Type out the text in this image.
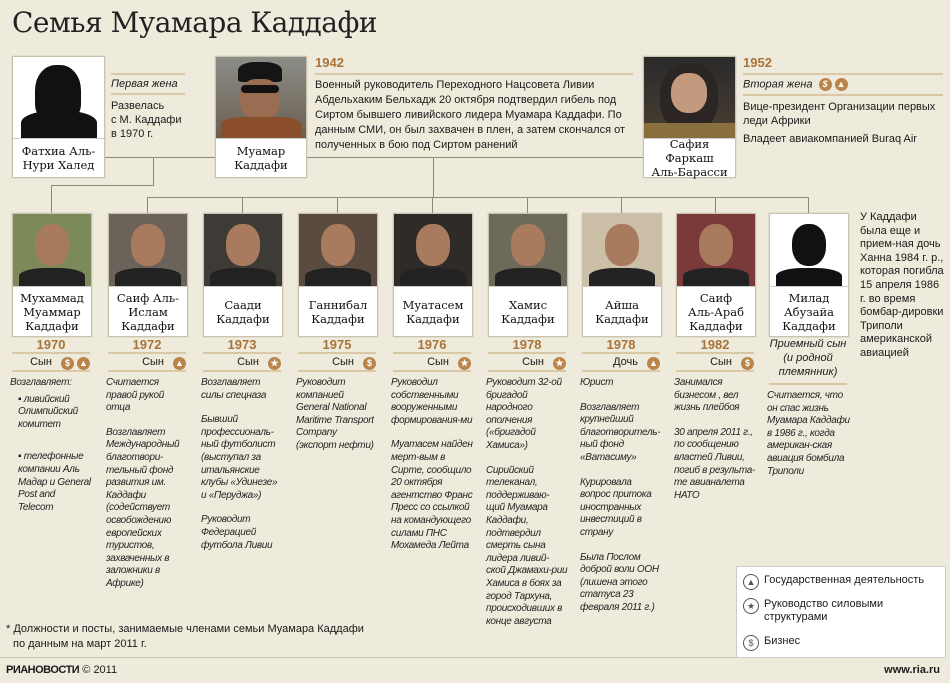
Семья Муамара Каддафи
Фатхиа Аль-
Нури Халед
Первая жена
Развелась
с М. Каддафи
в 1970 г.
Муамар
Каддафи
1942
Военный руководитель Переходного Нацсовета Ливии Абдельхаким Бельхадж 20 октября подтвердил гибель под Сиртом бывшего ливийского лидера Муамара Каддафи. По данным СМИ, он был захвачен в плен, а затем скончался от полученных в бою под Сиртом ранений	Сафия Фаркаш
Аль-Барасси
1952
Вторая жена $ ▲
Вице-президент Организации первых леди Африки
Владеет авиакомпанией Buraq Air
Мухаммад
Муаммар
Каддафи
1970
Сын	$ ▲

Возглавляет:

▪ ливийский Олимпийский комитет

▪ телефонные компании Аль Мадар и General Post and Telecom

Саиф Аль-
Ислам
Каддафи
1972
Сын	▲

Считается правой рукой отца

Возглавляет Международный благотвори-тельный фонд развития им. Каддафи (содействует освобождению европейских туристов, захваченных в заложники в Африке)

Саади
Каддафи
1973
Сын	★

Возглавляет силы спецназа

Бывший профессиональ-ный футболист (выступал за итальянские клубы «Удинезе» и «Перуджа»)

Руководит Федерацией футбола Ливии

Ганнибал
Каддафи
1975
Сын	$

Руководит компанией General National Maritime Transport Company (экспорт нефти)

Муатасем
Каддафи
1976
Сын	★

Руководил собственными вооруженными формирования-ми

Муатасем найден мерт-вым в Сирте, сообщило 20 октября агентство Франс Пресс со ссылкой на командующего силами ПНС Мохамеда Лейта

Хамис
Каддафи
1978
Сын	★

Руководит 32-ой бригадой народного ополчения («бригадой Хамиса»)

Сирийский телеканал, поддерживаю-щий Муамара Каддафи, подтвердил смерть сына лидера ливий-ской Джамахи-рии Хамиса в боях за город Тархуна, происходивших в конце августа

Айша
Каддафи
1978
Дочь	▲

Юрист

Возглавляет крупнейший благотворитель-ный фонд «Ватасиму»

Курировала вопрос притока иностранных инвестиций в страну

Была Послом доброй воли ООН (лишена этого статуса 23 февраля 2011 г.)

Саиф
Аль-Араб
Каддафи
1982
Сын	$

Занимался бизнесом , вел жизнь плейбоя

30 апреля 2011 г., по сообщению властей Ливии, погиб в результа-те авианалета НАТО

Милад
Абузайа
Каддафи
Приемный сын (и родной племянник)

Считается, что он спас жизнь Муамара Каддафи в 1986 г., когда американ-ская авиация бомбила Триполи

У Каддафи была еще и прием-ная дочь Ханна 1984 г. р., которая погибла 15 апреля 1986 г. во время бомбар-дировки Триполи американской авиацией
▲ Государственная деятельность
★ Руководство силовыми структурами
$ Бизнес
* Должности и посты, занимаемые членами семьи Муамара Каддафи
по данным на март 2011 г.
РИАНОВОСТИ © 2011	www.ria.ru
